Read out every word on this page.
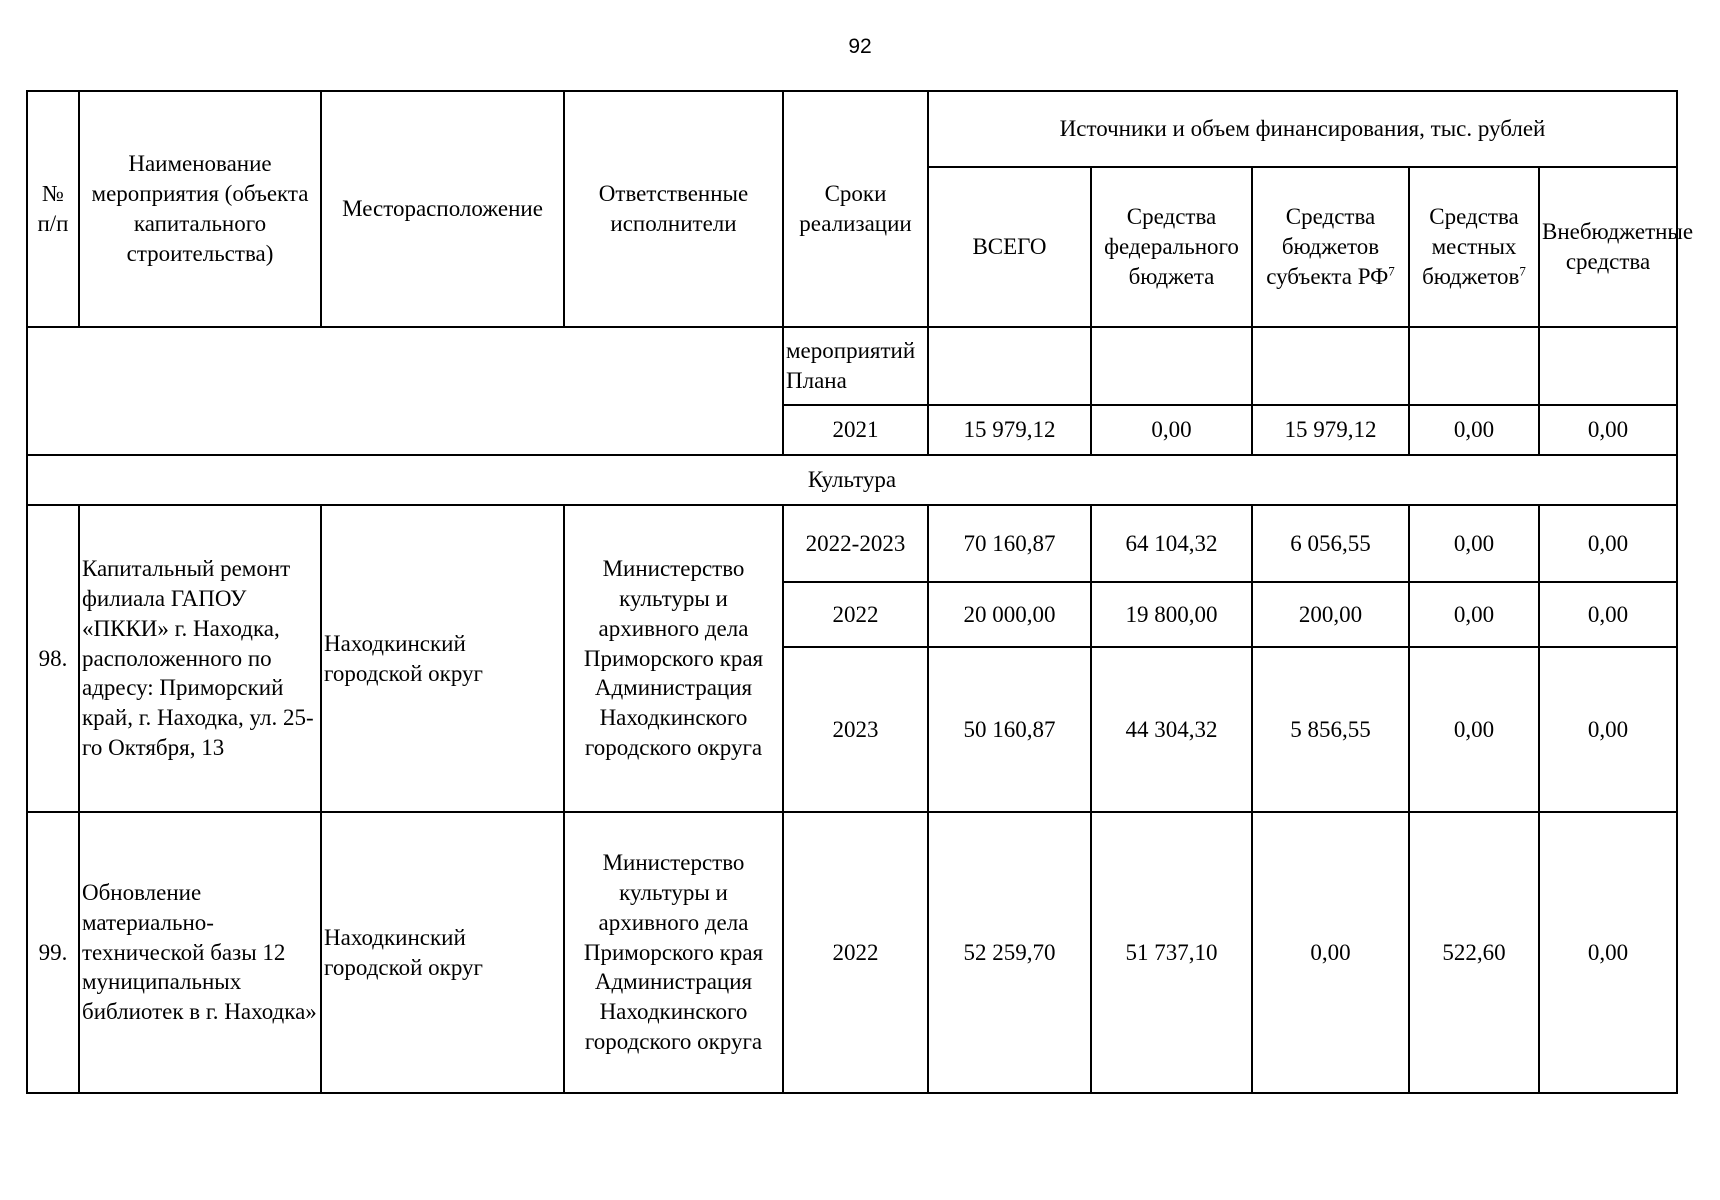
92
№ п/п	Наименование мероприятия (объекта капитального строительства)	Месторасположение	Ответственные исполнители	Сроки реализации	Источники и объем финансирования, тыс. рублей				
					ВСЕГО	Средства федерального бюджета	Средства бюджетов субъекта $РФ^7$	Средства местных бюджетов$^7$	Внебюджетные средства
				мероприятий Плана					
				2021	15 979,12	0,00	15 979,12	0,00	0,00
Культура									
98.	Капитальный ремонт филиала ГАПОУ «ПККИ» г. Находка, расположенного по адресу: Приморский край, г. Находка, ул. 25-го Октября, 13	Находкинский городской округ	Министерство культуры и архивного дела Приморского края Администрация Находкинского городского округа	2022-2023	70 160,87	64 104,32	6 056,55	0,00	0,00
				2022	20 000,00	19 800,00	200,00	0,00	0,00
				2023	50 160,87	44 304,32	5 856,55	0,00	0,00
99.	Обновление материально-технической базы 12 муниципальных библиотек в г. Находка»	Находкинский городской округ	Министерство культуры и архивного дела Приморского края Администрация Находкинского городского округа	2022	52 259,70	51 737,10	0,00	522,60	0,00
